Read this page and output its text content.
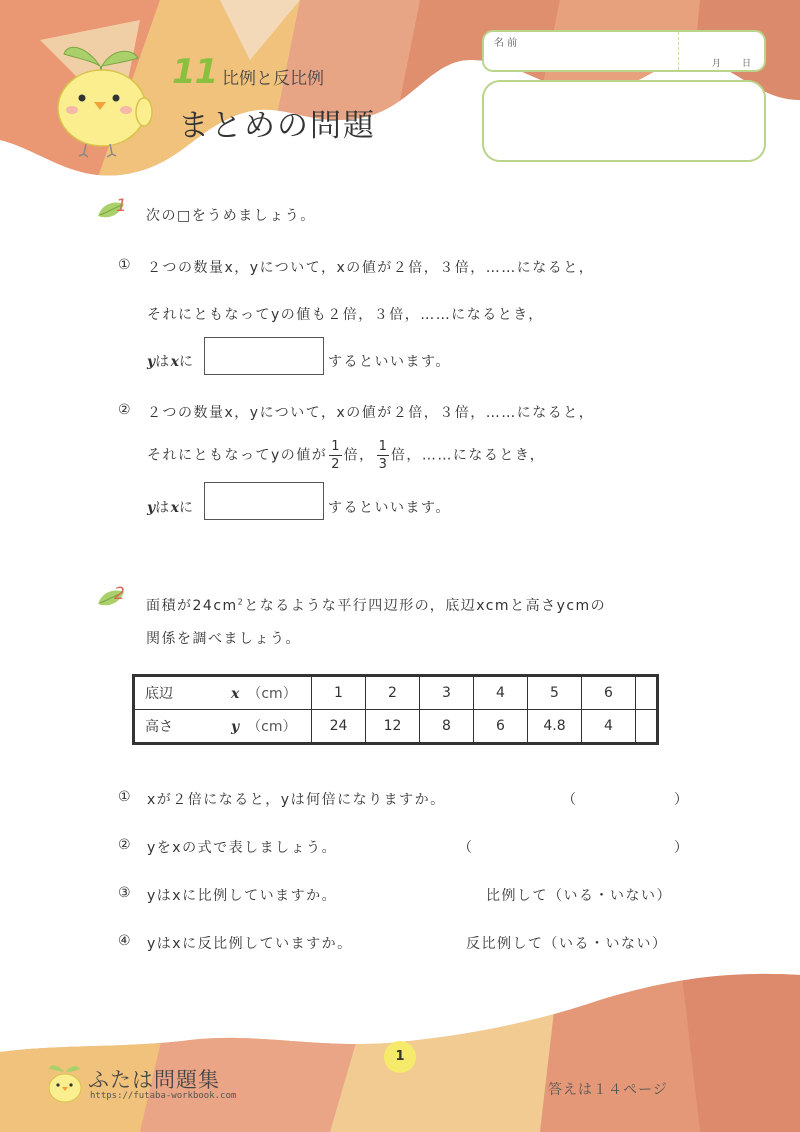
11 比例と反比例
まとめの問題
名 前
月 日
1 次の□をうめましょう。
① ２つの数量x，yについて，xの値が２倍，３倍，……になると，
それにともなってyの値も２倍，３倍，……になるとき，
yはxに	するといいます。
② ２つの数量x，yについて，xの値が２倍，３倍，……になると，
それにともなってyの値が $\frac{1}{2}$ 倍， $\frac{1}{3}$ 倍，……になるとき，
yはxに	するといいます。
2
面積が$24cm^2$となるような平行四辺形の，底辺xcmと高さycmの
関係を調べましょう。
底辺 x （cm）	1	2	3	4	5	6	
高さ y （cm）	24	12	8	6	4.8	4	
① xが２倍になると，yは何倍になりますか。	（	）
② yをxの式で表しましょう。	（	）
③ yはxに比例していますか。	比例して（いる・いない）
④ yはxに反比例していますか。	反比例して（いる・いない）
1
ふたは問題集
https://futaba-workbook.com	答えは１４ページ
